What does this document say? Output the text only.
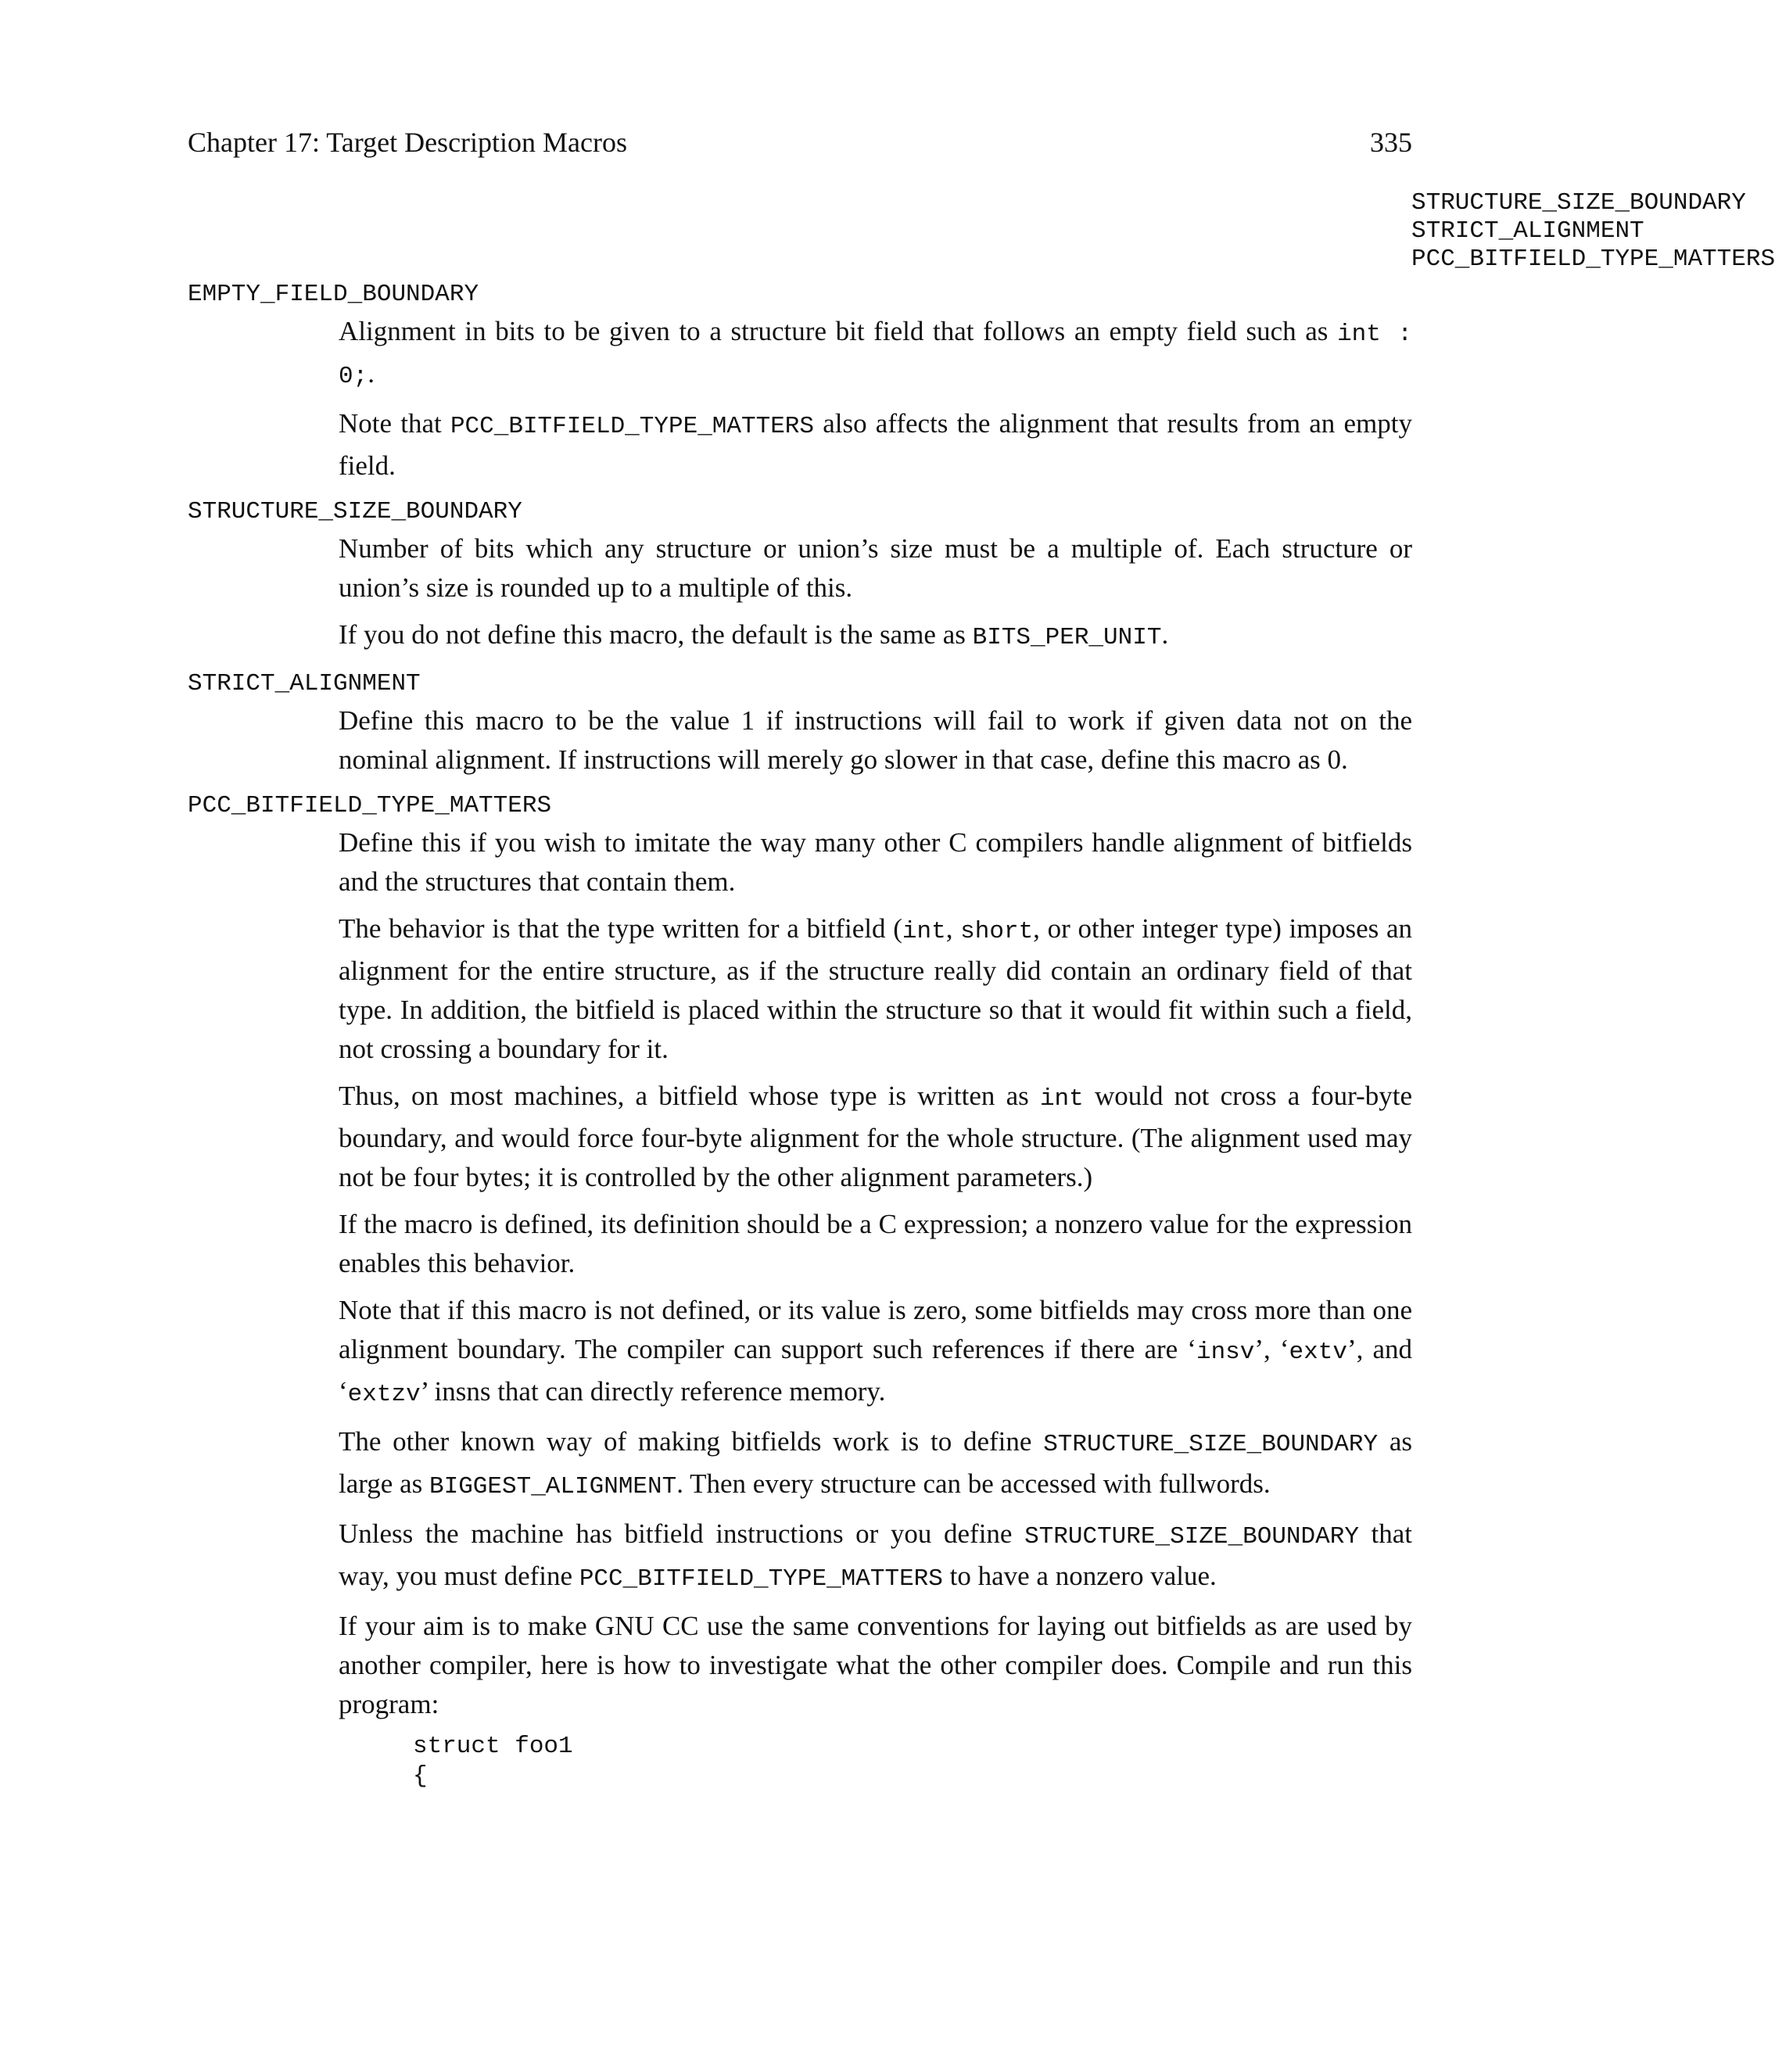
Chapter 17: Target Description Macros	335
STRUCTURE_SIZE_BOUNDARY
STRICT_ALIGNMENT
PCC_BITFIELD_TYPE_MATTERS
EMPTY_FIELD_BOUNDARY

Alignment in bits to be given to a structure bit field that follows an empty field such as int : 0;.

Note that PCC_BITFIELD_TYPE_MATTERS also affects the alignment that results from an empty field.

STRUCTURE_SIZE_BOUNDARY

Number of bits which any structure or union’s size must be a multiple of. Each structure or union’s size is rounded up to a multiple of this.

If you do not define this macro, the default is the same as BITS_PER_UNIT.

STRICT_ALIGNMENT

Define this macro to be the value 1 if instructions will fail to work if given data not on the nominal alignment. If instructions will merely go slower in that case, define this macro as 0.

PCC_BITFIELD_TYPE_MATTERS

Define this if you wish to imitate the way many other C compilers handle alignment of bitfields and the structures that contain them.

The behavior is that the type written for a bitfield (int, short, or other integer type) imposes an alignment for the entire structure, as if the structure really did contain an ordinary field of that type. In addition, the bitfield is placed within the structure so that it would fit within such a field, not crossing a boundary for it.

Thus, on most machines, a bitfield whose type is written as int would not cross a four-byte boundary, and would force four-byte alignment for the whole structure. (The alignment used may not be four bytes; it is controlled by the other alignment parameters.)

If the macro is defined, its definition should be a C expression; a nonzero value for the expression enables this behavior.

Note that if this macro is not defined, or its value is zero, some bitfields may cross more than one alignment boundary. The compiler can support such references if there are ‘insv’, ‘extv’, and ‘extzv’ insns that can directly reference memory.

The other known way of making bitfields work is to define STRUCTURE_SIZE_BOUNDARY as large as BIGGEST_ALIGNMENT. Then every structure can be accessed with fullwords.

Unless the machine has bitfield instructions or you define STRUCTURE_SIZE_BOUNDARY that way, you must define PCC_BITFIELD_TYPE_MATTERS to have a nonzero value.

If your aim is to make GNU CC use the same conventions for laying out bitfields as are used by another compiler, here is how to investigate what the other compiler does. Compile and run this program:

struct foo1
{
